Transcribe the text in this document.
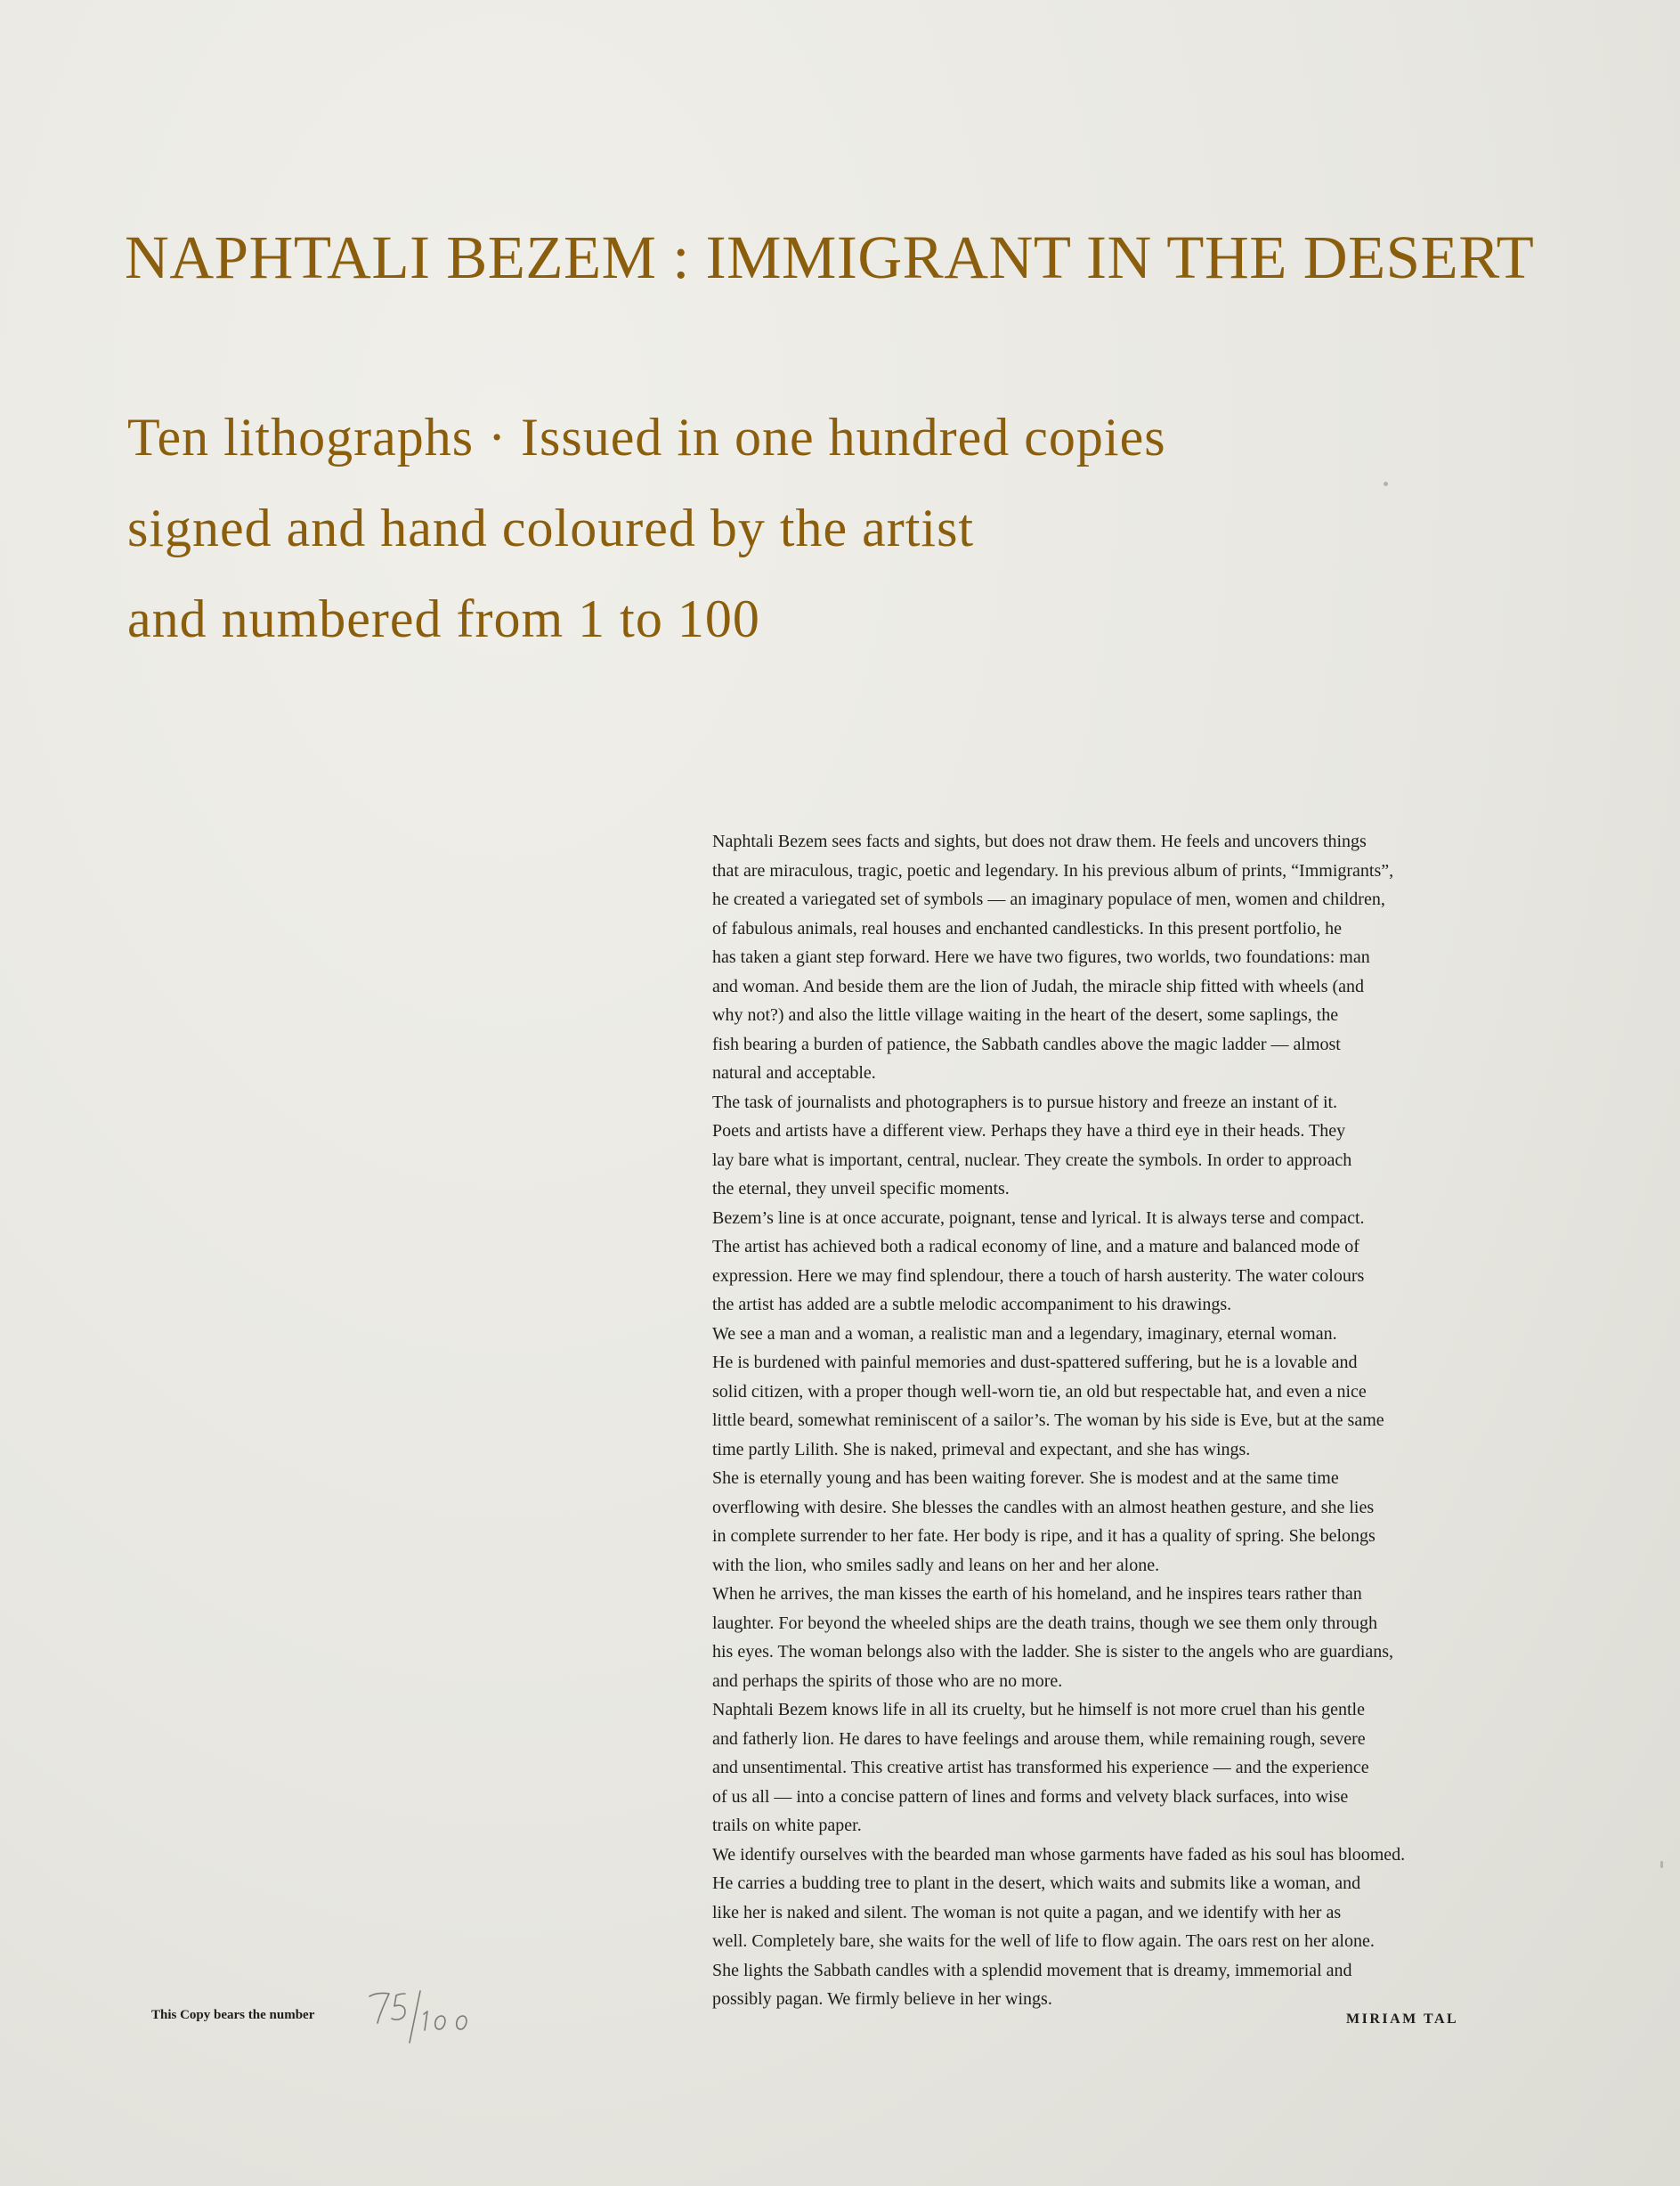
NAPHTALI BEZEM : IMMIGRANT IN THE DESERT
Ten lithographs · Issued in one hundred copies
signed and hand coloured by the artist
and numbered from 1 to 100
Naphtali Bezem sees facts and sights, but does not draw them. He feels and uncovers things
that are miraculous, tragic, poetic and legendary. In his previous album of prints, “Immigrants”,
he created a variegated set of symbols — an imaginary populace of men, women and children,
of fabulous animals, real houses and enchanted candlesticks. In this present portfolio, he
has taken a giant step forward. Here we have two figures, two worlds, two foundations: man
and woman. And beside them are the lion of Judah, the miracle ship fitted with wheels (and
why not?) and also the little village waiting in the heart of the desert, some saplings, the
fish bearing a burden of patience, the Sabbath candles above the magic ladder — almost
natural and acceptable.
The task of journalists and photographers is to pursue history and freeze an instant of it.
Poets and artists have a different view. Perhaps they have a third eye in their heads. They
lay bare what is important, central, nuclear. They create the symbols. In order to approach
the eternal, they unveil specific moments.
Bezem’s line is at once accurate, poignant, tense and lyrical. It is always terse and compact.
The artist has achieved both a radical economy of line, and a mature and balanced mode of
expression. Here we may find splendour, there a touch of harsh austerity. The water colours
the artist has added are a subtle melodic accompaniment to his drawings.
We see a man and a woman, a realistic man and a legendary, imaginary, eternal woman.
He is burdened with painful memories and dust-spattered suffering, but he is a lovable and
solid citizen, with a proper though well-worn tie, an old but respectable hat, and even a nice
little beard, somewhat reminiscent of a sailor’s. The woman by his side is Eve, but at the same
time partly Lilith. She is naked, primeval and expectant, and she has wings.
She is eternally young and has been waiting forever. She is modest and at the same time
overflowing with desire. She blesses the candles with an almost heathen gesture, and she lies
in complete surrender to her fate. Her body is ripe, and it has a quality of spring. She belongs
with the lion, who smiles sadly and leans on her and her alone.
When he arrives, the man kisses the earth of his homeland, and he inspires tears rather than
laughter. For beyond the wheeled ships are the death trains, though we see them only through
his eyes. The woman belongs also with the ladder. She is sister to the angels who are guardians,
and perhaps the spirits of those who are no more.
Naphtali Bezem knows life in all its cruelty, but he himself is not more cruel than his gentle
and fatherly lion. He dares to have feelings and arouse them, while remaining rough, severe
and unsentimental. This creative artist has transformed his experience — and the experience
of us all — into a concise pattern of lines and forms and velvety black surfaces, into wise
trails on white paper.
We identify ourselves with the bearded man whose garments have faded as his soul has bloomed.
He carries a budding tree to plant in the desert, which waits and submits like a woman, and
like her is naked and silent. The woman is not quite a pagan, and we identify with her as
well. Completely bare, she waits for the well of life to flow again. The oars rest on her alone.
She lights the Sabbath candles with a splendid movement that is dreamy, immemorial and
possibly pagan. We firmly believe in her wings.
This Copy bears the number	MIRIAM TAL
